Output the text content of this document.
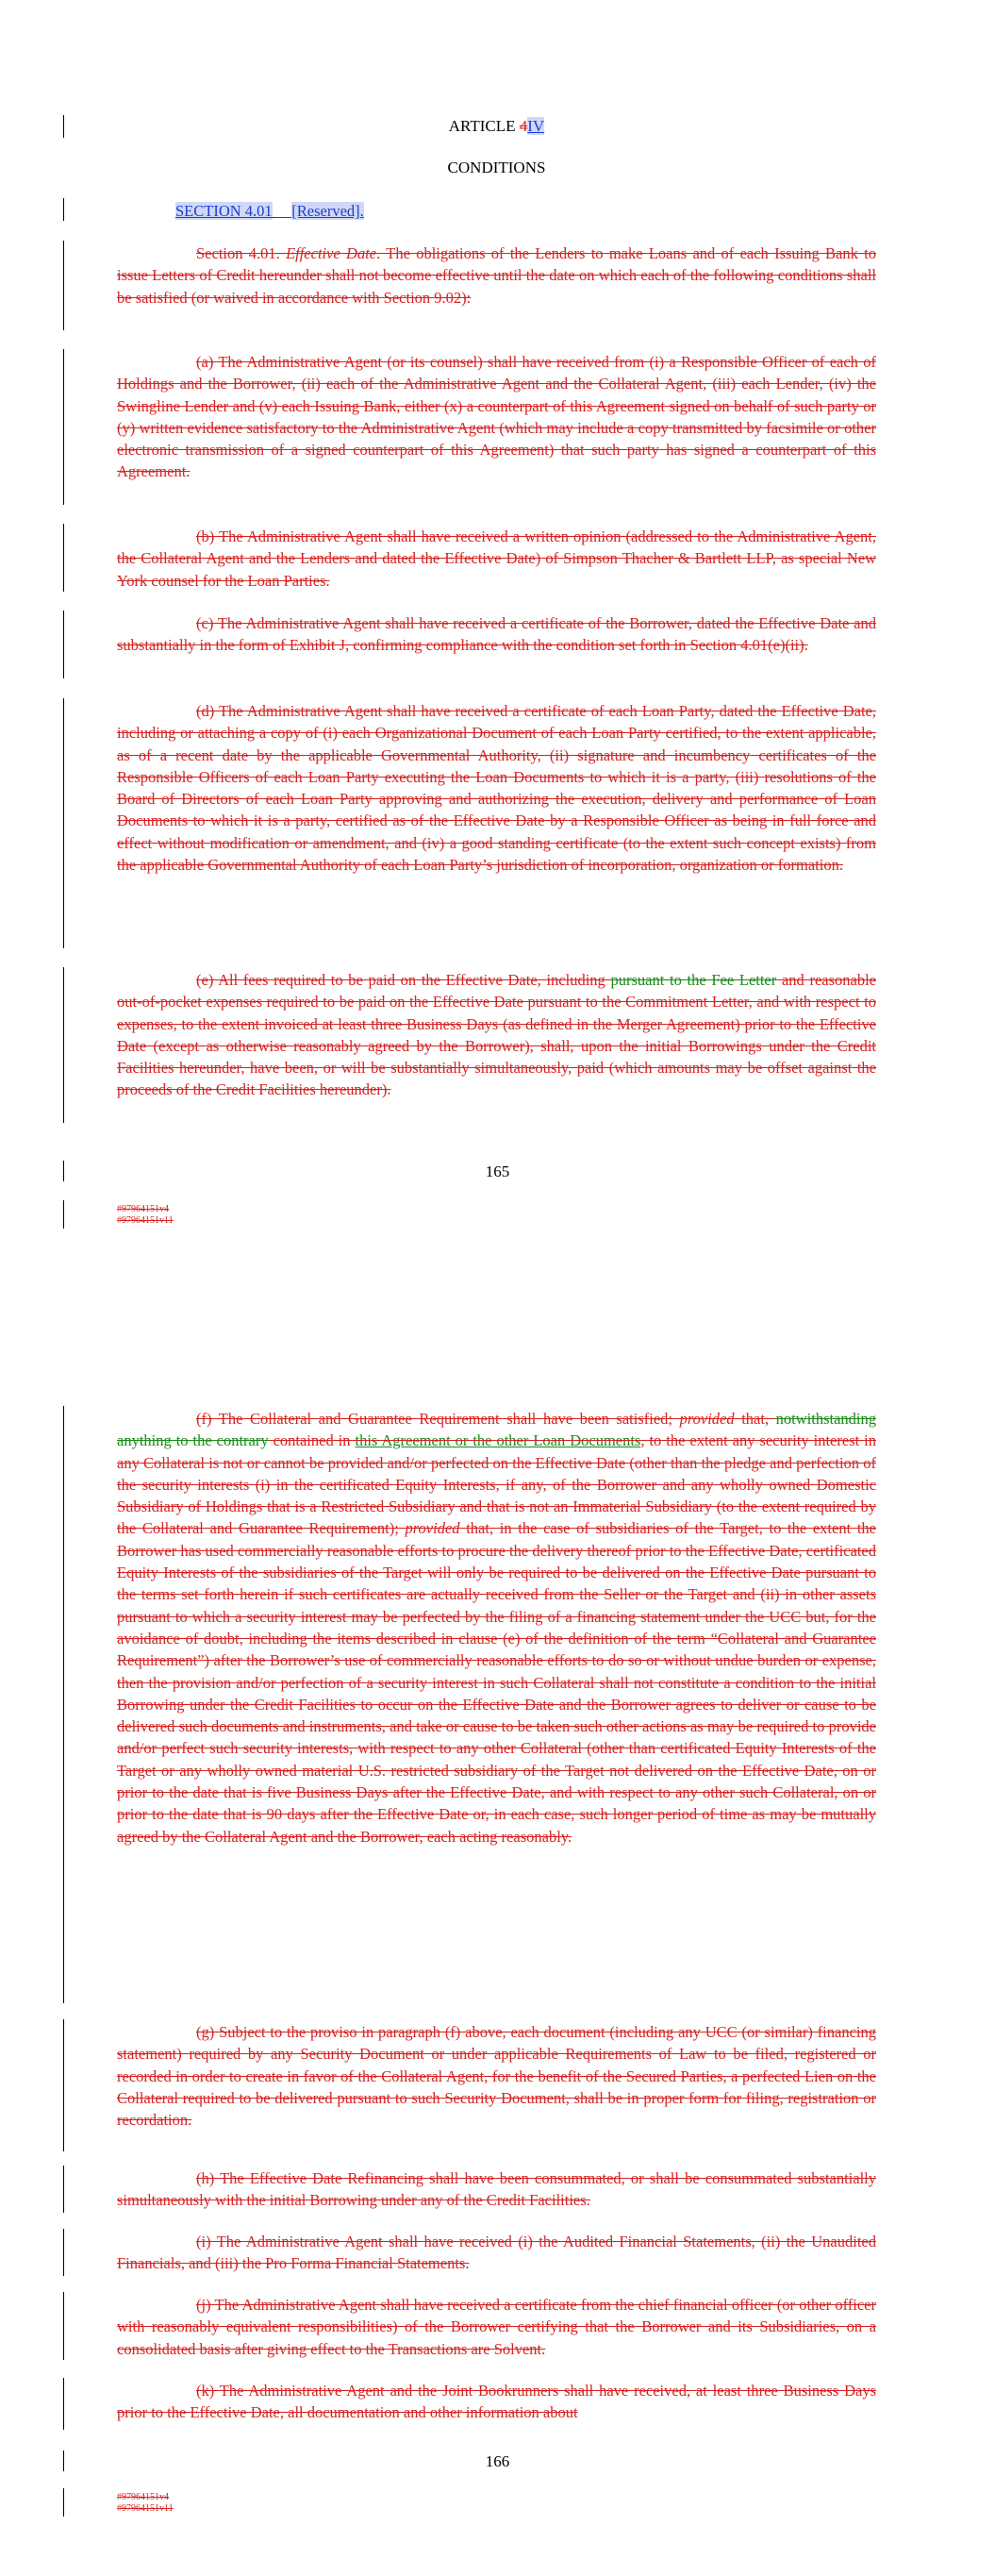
ARTICLE 4IV
CONDITIONS

SECTION 4.01 [Reserved].

Section 4.01. Effective Date. The obligations of the Lenders to make Loans and of each Issuing Bank to issue Letters of Credit hereunder shall not become effective until the date on which each of the following conditions shall be satisfied (or waived in accordance with Section 9.02):

(a) The Administrative Agent (or its counsel) shall have received from (i) a Responsible Officer of each of Holdings and the Borrower, (ii) each of the Administrative Agent and the Collateral Agent, (iii) each Lender, (iv) the Swingline Lender and (v) each Issuing Bank, either (x) a counterpart of this Agreement signed on behalf of such party or (y) written evidence satisfactory to the Administrative Agent (which may include a copy transmitted by facsimile or other electronic transmission of a signed counterpart of this Agreement) that such party has signed a counterpart of this Agreement.

(b) The Administrative Agent shall have received a written opinion (addressed to the Administrative Agent, the Collateral Agent and the Lenders and dated the Effective Date) of Simpson Thacher & Bartlett LLP, as special New York counsel for the Loan Parties.

(c) The Administrative Agent shall have received a certificate of the Borrower, dated the Effective Date and substantially in the form of Exhibit J, confirming compliance with the condition set forth in Section 4.01(e)(ii).

(d) The Administrative Agent shall have received a certificate of each Loan Party, dated the Effective Date, including or attaching a copy of (i) each Organizational Document of each Loan Party certified, to the extent applicable, as of a recent date by the applicable Governmental Authority, (ii) signature and incumbency certificates of the Responsible Officers of each Loan Party executing the Loan Documents to which it is a party, (iii) resolutions of the Board of Directors of each Loan Party approving and authorizing the execution, delivery and performance of Loan Documents to which it is a party, certified as of the Effective Date by a Responsible Officer as being in full force and effect without modification or amendment, and (iv) a good standing certificate (to the extent such concept exists) from the applicable Governmental Authority of each Loan Party’s jurisdiction of incorporation, organization or formation.

(e) All fees required to be paid on the Effective Date, including pursuant to the Fee Letter and reasonable out-of-pocket expenses required to be paid on the Effective Date pursuant to the Commitment Letter, and with respect to expenses, to the extent invoiced at least three Business Days (as defined in the Merger Agreement) prior to the Effective Date (except as otherwise reasonably agreed by the Borrower), shall, upon the initial Borrowings under the Credit Facilities hereunder, have been, or will be substantially simultaneously, paid (which amounts may be offset against the proceeds of the Credit Facilities hereunder).

165
#97964151v4
#97964151v11

(f) The Collateral and Guarantee Requirement shall have been satisfied; provided that, notwithstanding anything to the contrary contained in this Agreement or the other Loan Documents, to the extent any security interest in any Collateral is not or cannot be provided and/or perfected on the Effective Date (other than the pledge and perfection of the security interests (i) in the certificated Equity Interests, if any, of the Borrower and any wholly owned Domestic Subsidiary of Holdings that is a Restricted Subsidiary and that is not an Immaterial Subsidiary (to the extent required by the Collateral and Guarantee Requirement); provided that, in the case of subsidiaries of the Target, to the extent the Borrower has used commercially reasonable efforts to procure the delivery thereof prior to the Effective Date, certificated Equity Interests of the subsidiaries of the Target will only be required to be delivered on the Effective Date pursuant to the terms set forth herein if such certificates are actually received from the Seller or the Target and (ii) in other assets pursuant to which a security interest may be perfected by the filing of a financing statement under the UCC but, for the avoidance of doubt, including the items described in clause (e) of the definition of the term “Collateral and Guarantee Requirement”) after the Borrower’s use of commercially reasonable efforts to do so or without undue burden or expense, then the provision and/or perfection of a security interest in such Collateral shall not constitute a condition to the initial Borrowing under the Credit Facilities to occur on the Effective Date and the Borrower agrees to deliver or cause to be delivered such documents and instruments, and take or cause to be taken such other actions as may be required to provide and/or perfect such security interests, with respect to any other Collateral (other than certificated Equity Interests of the Target or any wholly owned material U.S. restricted subsidiary of the Target not delivered on the Effective Date, on or prior to the date that is five Business Days after the Effective Date, and with respect to any other such Collateral, on or prior to the date that is 90 days after the Effective Date or, in each case, such longer period of time as may be mutually agreed by the Collateral Agent and the Borrower, each acting reasonably.

(g) Subject to the proviso in paragraph (f) above, each document (including any UCC (or similar) financing statement) required by any Security Document or under applicable Requirements of Law to be filed, registered or recorded in order to create in favor of the Collateral Agent, for the benefit of the Secured Parties, a perfected Lien on the Collateral required to be delivered pursuant to such Security Document, shall be in proper form for filing, registration or recordation.

(h) The Effective Date Refinancing shall have been consummated, or shall be consummated substantially simultaneously with the initial Borrowing under any of the Credit Facilities.

(i) The Administrative Agent shall have received (i) the Audited Financial Statements, (ii) the Unaudited Financials, and (iii) the Pro Forma Financial Statements.

(j) The Administrative Agent shall have received a certificate from the chief financial officer (or other officer with reasonably equivalent responsibilities) of the Borrower certifying that the Borrower and its Subsidiaries, on a consolidated basis after giving effect to the Transactions are Solvent.

(k) The Administrative Agent and the Joint Bookrunners shall have received, at least three Business Days prior to the Effective Date, all documentation and other information about

166
#97964151v4
#97964151v11
